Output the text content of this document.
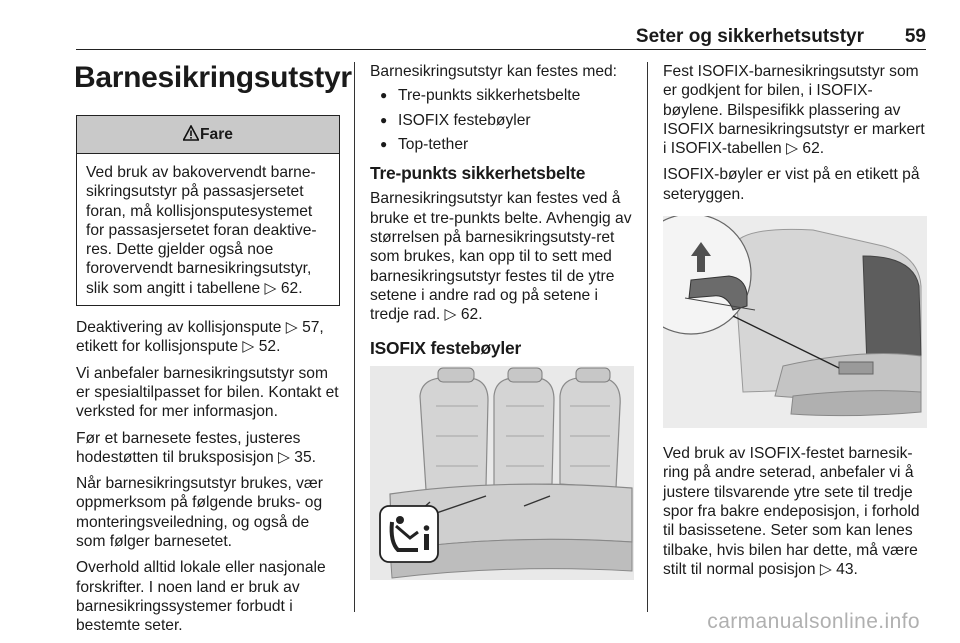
Seter og sikkerhetsutstyr 59
Barnesikringsutstyr
Fare
Ved bruk av bakovervendt barne-sikringsutstyr på passasjersetet foran, må kollisjonsputesystemet for passasjersetet foran deaktive-res. Dette gjelder også noe forovervendt barnesikringsutstyr, slik som angitt i tabellene ▷ 62.

Deaktivering av kollisjonspute ▷ 57, etikett for kollisjonspute ▷ 52.

Vi anbefaler barnesikringsutstyr som er spesialtilpasset for bilen. Kontakt et verksted for mer informasjon.

Før et barnesete festes, justeres hodestøtten til bruksposisjon ▷ 35.

Når barnesikringsutstyr brukes, vær oppmerksom på følgende bruks- og monteringsveiledning, og også de som følger barnesetet.

Overhold alltid lokale eller nasjonale forskrifter. I noen land er bruk av barnesikringssystemer forbudt i bestemte seter.

Barnesikringsutstyr kan festes med:

● Tre-punkts sikkerhetsbelte
● ISOFIX festebøyler
● Top-tether
Tre-punkts sikkerhetsbelte

Barnesikringsutstyr kan festes ved å bruke et tre-punkts belte. Avhengig av størrelsen på barnesikringsutsty-ret som brukes, kan opp til to sett med barnesikringsutstyr festes til de ytre setene i andre rad og på setene i tredje rad. ▷ 62.

ISOFIX festebøyler

Fest ISOFIX-barnesikringsutstyr som er godkjent for bilen, i ISOFIX-bøylene. Bilspesifikk plassering av ISOFIX barnesikringsutstyr er markert i ISOFIX-tabellen ▷ 62.

ISOFIX-bøyler er vist på en etikett på seteryggen.

Ved bruk av ISOFIX-festet barnesik-ring på andre seterad, anbefaler vi å justere tilsvarende ytre sete til tredje spor fra bakre endeposisjon, i forhold til basissetene. Seter som kan lenes tilbake, hvis bilen har dette, må være stilt til normal posisjon ▷ 43.

carmanualsonline.info
